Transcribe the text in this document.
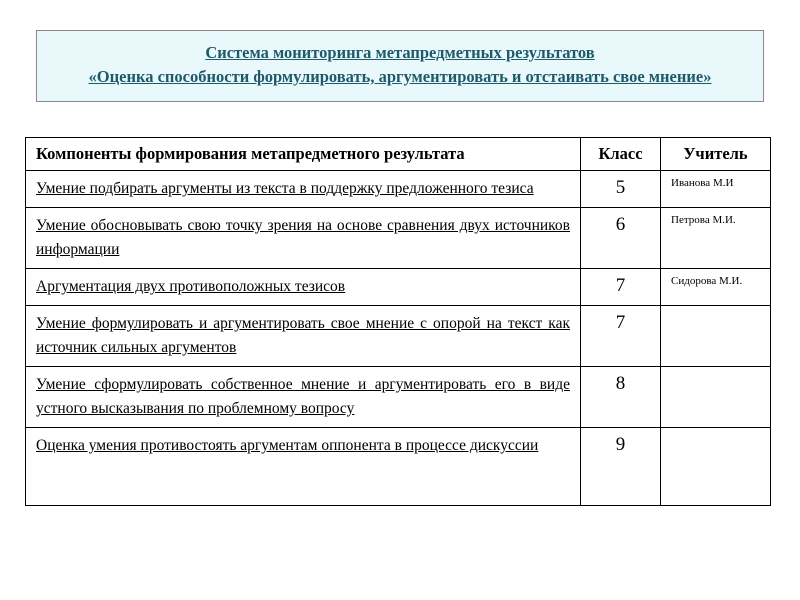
Система мониторинга метапредметных результатов
«Оценка способности формулировать, аргументировать и отстаивать свое мнение»
Компоненты формирования метапредметного результата	Класс	Учитель
Умение подбирать аргументы из текста в поддержку предложенного тезиса	5	Иванова М.И
Умение обосновывать свою точку зрения на основе сравнения двух источников информации	6	Петрова М.И.
Аргументация двух противоположных тезисов	7	Сидорова М.И.
Умение формулировать и аргументировать свое мнение с опорой на текст как источник сильных аргументов	7	
Умение сформулировать собственное мнение и аргументировать его в виде устного высказывания по проблемному вопросу	8	
Оценка умения противостоять аргументам оппонента в процессе дискуссии	9	
